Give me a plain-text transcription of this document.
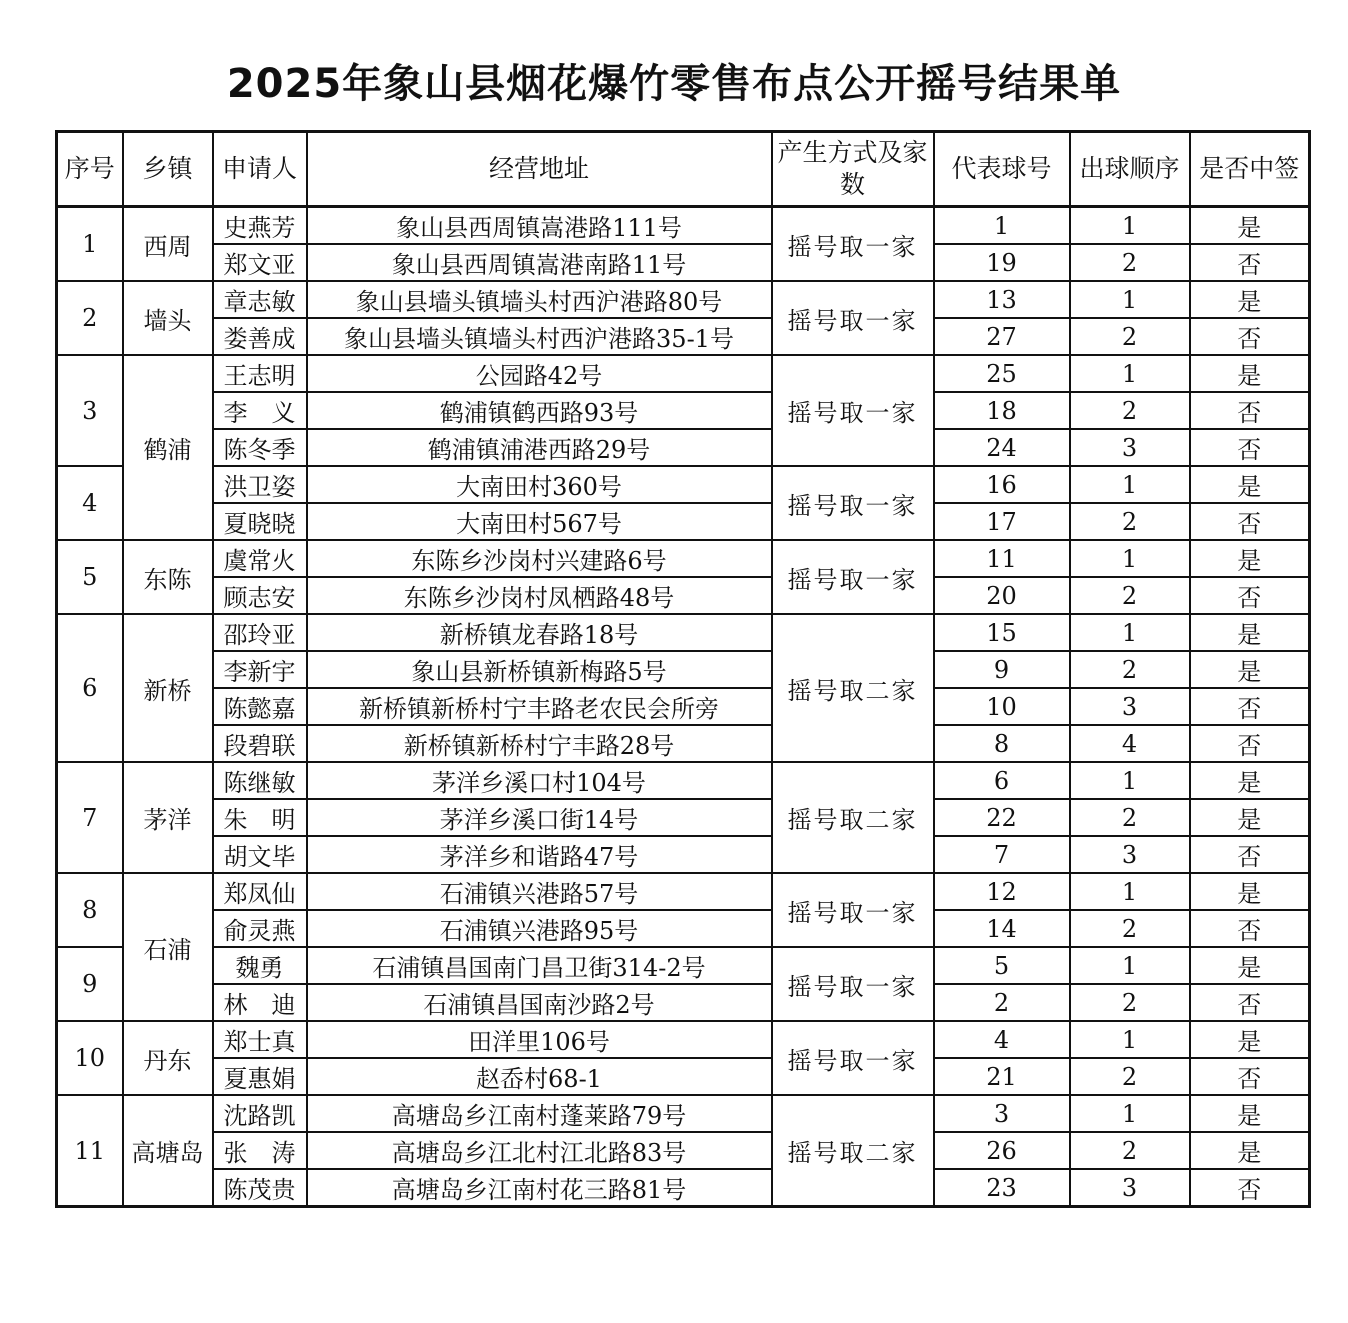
2025年象山县烟花爆竹零售布点公开摇号结果单
序号	乡镇	申请人	经营地址	产生方式及家数	代表球号	出球顺序	是否中签
1	西周	史燕芳	象山县西周镇嵩港路111号	摇号取一家	1	1	是
		郑文亚	象山县西周镇嵩港南路11号		19	2	否
2	墙头	章志敏	象山县墙头镇墙头村西沪港路80号	摇号取一家	13	1	是
		娄善成	象山县墙头镇墙头村西沪港路35-1号		27	2	否
3	鹤浦	王志明	公园路42号	摇号取一家	25	1	是
		李　义	鹤浦镇鹤西路93号		18	2	否
		陈冬季	鹤浦镇浦港西路29号		24	3	否
4		洪卫姿	大南田村360号	摇号取一家	16	1	是
		夏晓晓	大南田村567号		17	2	否
5	东陈	虞常火	东陈乡沙岗村兴建路6号	摇号取一家	11	1	是
		顾志安	东陈乡沙岗村凤栖路48号		20	2	否
6	新桥	邵玲亚	新桥镇龙春路18号	摇号取二家	15	1	是
		李新宇	象山县新桥镇新梅路5号		9	2	是
		陈懿嘉	新桥镇新桥村宁丰路老农民会所旁		10	3	否
		段碧联	新桥镇新桥村宁丰路28号		8	4	否
7	茅洋	陈继敏	茅洋乡溪口村104号	摇号取二家	6	1	是
		朱　明	茅洋乡溪口街14号		22	2	是
		胡文毕	茅洋乡和谐路47号		7	3	否
8	石浦	郑凤仙	石浦镇兴港路57号	摇号取一家	12	1	是
		俞灵燕	石浦镇兴港路95号		14	2	否
9		魏勇	石浦镇昌国南门昌卫街314-2号	摇号取一家	5	1	是
		林　迪	石浦镇昌国南沙路2号		2	2	否
10	丹东	郑士真	田洋里106号	摇号取一家	4	1	是
		夏惠娟	赵岙村68-1		21	2	否
11	高塘岛	沈路凯	高塘岛乡江南村蓬莱路79号	摇号取二家	3	1	是
		张　涛	高塘岛乡江北村江北路83号		26	2	是
		陈茂贵	高塘岛乡江南村花三路81号		23	3	否
